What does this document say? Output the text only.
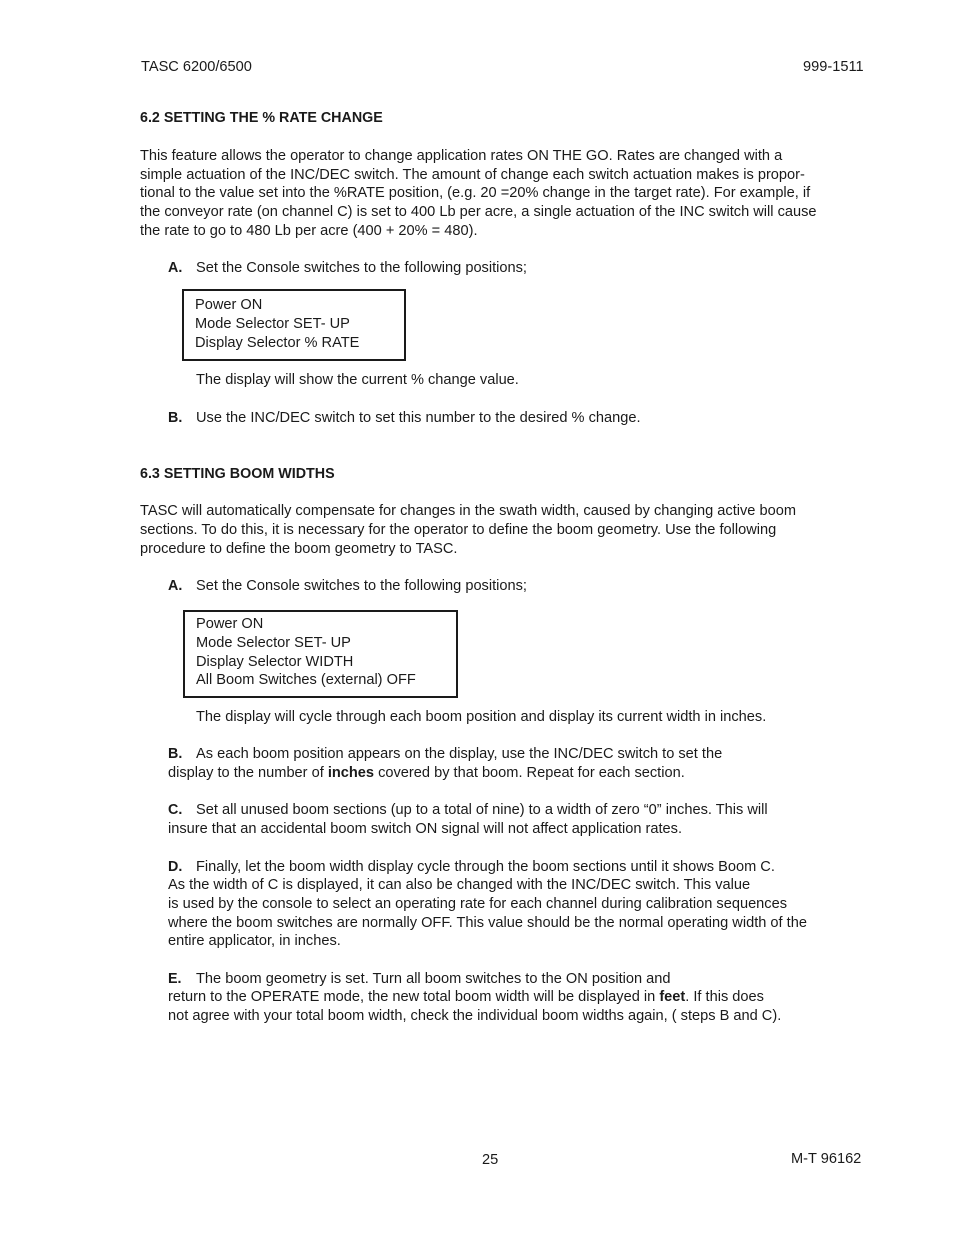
TASC 6200/6500	999-1511
6.2 SETTING THE % RATE CHANGE
This feature allows the operator to change application rates ON THE GO. Rates are changed with a
simple actuation of the INC/DEC switch. The amount of change each switch actuation makes is propor-
tional to the value set into the %RATE position, (e.g. 20 =20% change in the target rate). For example, if
the conveyor rate (on channel C) is set to 400 Lb per acre, a single actuation of the INC switch will cause
the rate to go to 480 Lb per acre (400 + 20% = 480).
A. Set the Console switches to the following positions;
Power ON
Mode Selector SET- UP
Display Selector % RATE
The display will show the current % change value.
B. Use the INC/DEC switch to set this number to the desired % change.
6.3 SETTING BOOM WIDTHS
TASC will automatically compensate for changes in the swath width, caused by changing active boom
sections. To do this, it is necessary for the operator to define the boom geometry. Use the following
procedure to define the boom geometry to TASC.
A. Set the Console switches to the following positions;
Power ON
Mode Selector SET- UP
Display Selector WIDTH
All Boom Switches (external) OFF
The display will cycle through each boom position and display its current width in inches.
B. As each boom position appears on the display, use the INC/DEC switch to set the
display to the number of inches covered by that boom. Repeat for each section.
C. Set all unused boom sections (up to a total of nine) to a width of zero “0” inches. This will
insure that an accidental boom switch ON signal will not affect application rates.
D. Finally, let the boom width display cycle through the boom sections until it shows Boom C.
As the width of C is displayed, it can also be changed with the INC/DEC switch. This value
is used by the console to select an operating rate for each channel during calibration sequences
where the boom switches are normally OFF. This value should be the normal operating width of the
entire applicator, in inches.
E. The boom geometry is set. Turn all boom switches to the ON position and
return to the OPERATE mode, the new total boom width will be displayed in feet. If this does
not agree with your total boom width, check the individual boom widths again, ( steps B and C).
25	M-T 96162
